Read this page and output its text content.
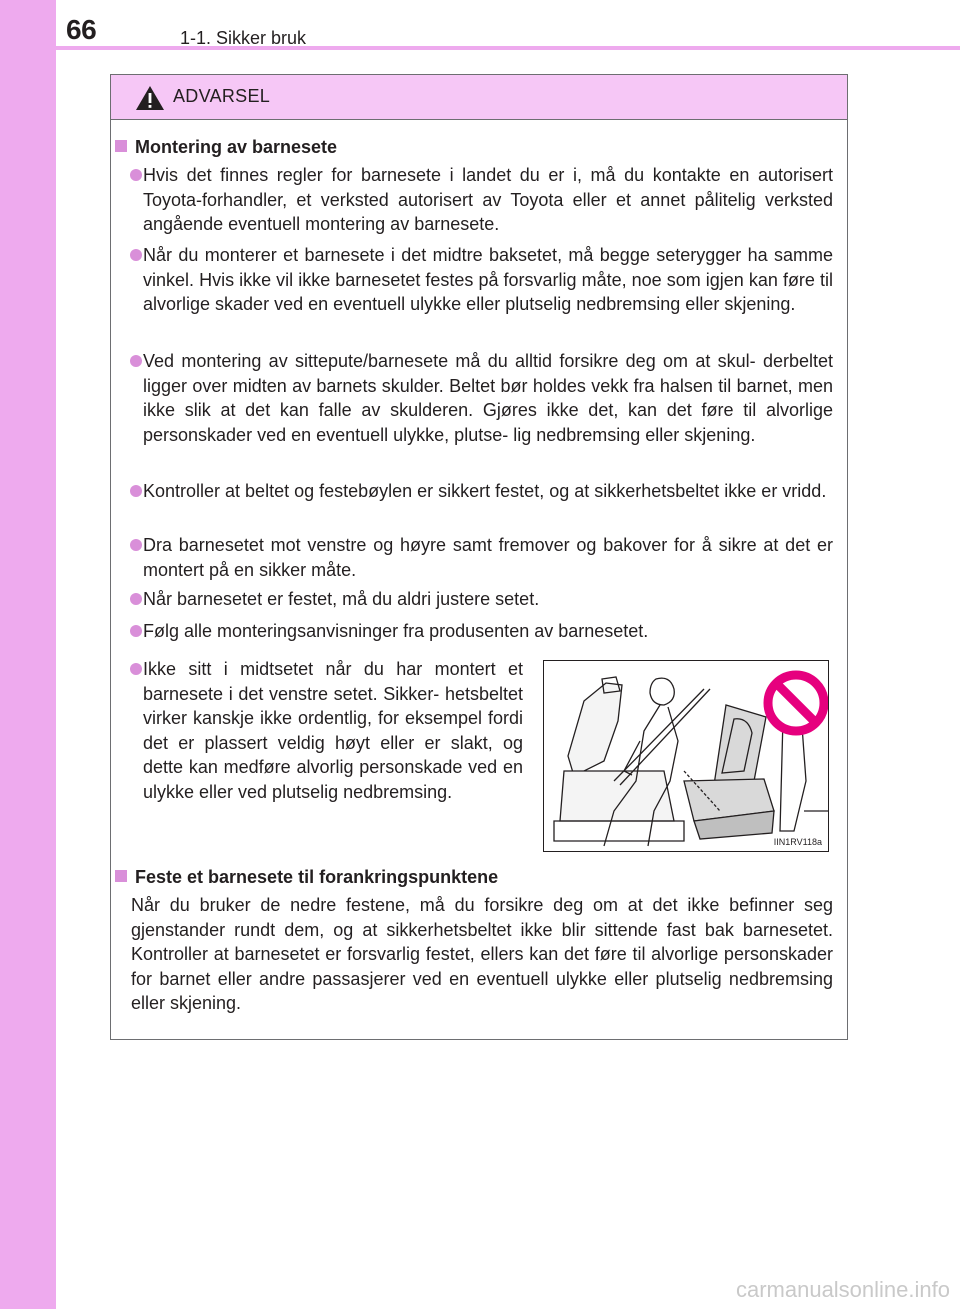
66	1-1. Sikker bruk
ADVARSEL
Montering av barnesete
Hvis det finnes regler for barnesete i landet du er i, må du kontakte en autorisert Toyota-forhandler, et verksted autorisert av Toyota eller et annet pålitelig verksted angående eventuell montering av barnesete.
Når du monterer et barnesete i det midtre baksetet, må begge seterygger ha samme vinkel. Hvis ikke vil ikke barnesetet festes på forsvarlig måte, noe som igjen kan føre til alvorlige skader ved en eventuell ulykke eller plutselig nedbremsing eller skjening.
Ved montering av sittepute/barnesete må du alltid forsikre deg om at skul- derbeltet ligger over midten av barnets skulder. Beltet bør holdes vekk fra halsen til barnet, men ikke slik at det kan falle av skulderen. Gjøres ikke det, kan det føre til alvorlige personskader ved en eventuell ulykke, plutse- lig nedbremsing eller skjening.
Kontroller at beltet og festebøylen er sikkert festet, og at sikkerhetsbeltet ikke er vridd.
Dra barnesetet mot venstre og høyre samt fremover og bakover for å sikre at det er montert på en sikker måte.
Når barnesetet er festet, må du aldri justere setet.
Følg alle monteringsanvisninger fra produsenten av barnesetet.
Ikke sitt i midtsetet når du har montert et barnesete i det venstre setet. Sikker- hetsbeltet virker kanskje ikke ordentlig, for eksempel fordi det er plassert veldig høyt eller er slakt, og dette kan medføre alvorlig personskade ved en ulykke eller ved plutselig nedbremsing.
IIN1RV118a
Feste et barnesete til forankringspunktene
Når du bruker de nedre festene, må du forsikre deg om at det ikke befinner seg gjenstander rundt dem, og at sikkerhetsbeltet ikke blir sittende fast bak barnesetet. Kontroller at barnesetet er forsvarlig festet, ellers kan det føre til alvorlige personskader for barnet eller andre passasjerer ved en eventuell ulykke eller plutselig nedbremsing eller skjening.
carmanualsonline.info
